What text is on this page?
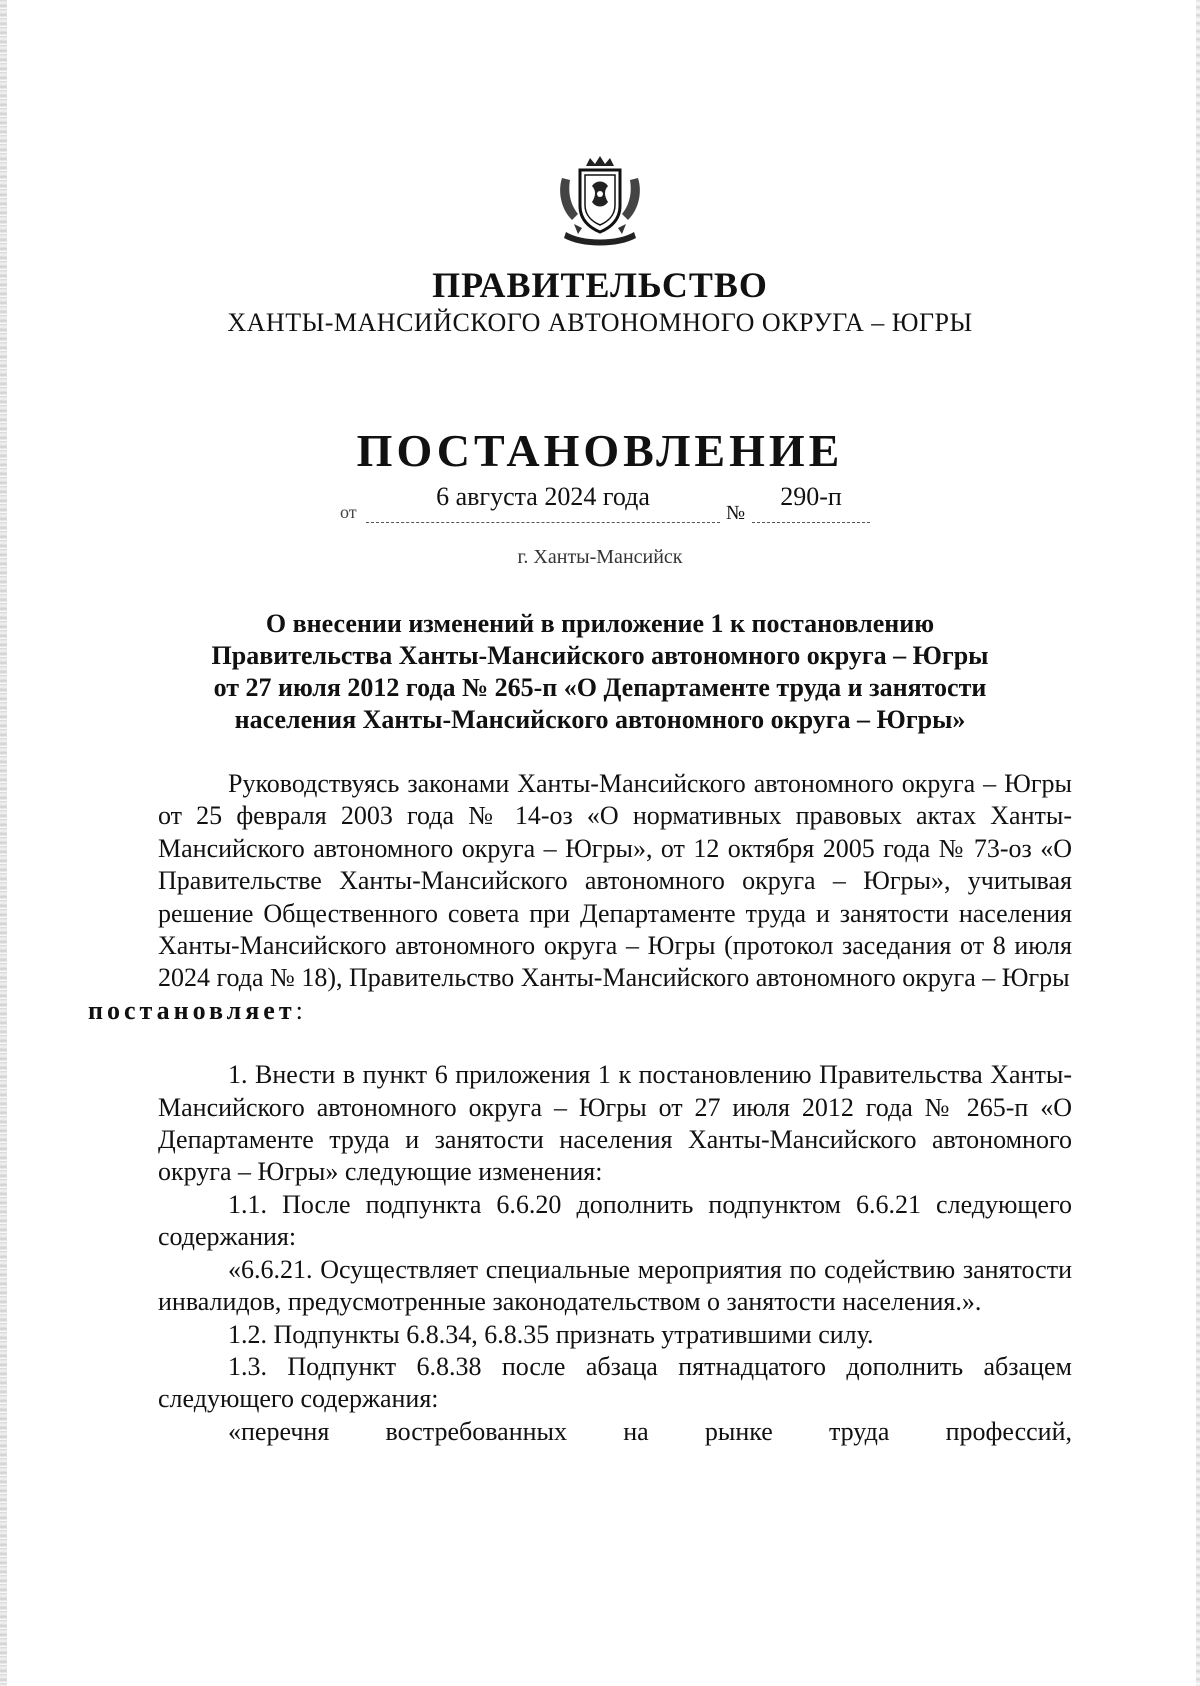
ПРАВИТЕЛЬСТВО
ХАНТЫ-МАНСИЙСКОГО АВТОНОМНОГО ОКРУГА – ЮГРЫ
ПОСТАНОВЛЕНИЕ
от
6 августа 2024 года
№
290-п
г. Ханты-Мансийск
О внесении изменений в приложение 1 к постановлению
Правительства Ханты-Мансийского автономного округа – Югры
от 27 июля 2012 года № 265-п «О Департаменте труда и занятости
населения Ханты-Мансийского автономного округа – Югры»

Руководствуясь законами Ханты-Мансийского автономного округа – Югры от 25 февраля 2003 года № 14-оз «О нормативных правовых актах Ханты-Мансийского автономного округа – Югры», от 12 октября 2005 года № 73-оз «О Правительстве Ханты-Мансийского автономного округа – Югры», учитывая решение Общественного совета при Департаменте труда и занятости населения Ханты-Мансийского автономного округа – Югры (протокол заседания от 8 июля 2024 года № 18), Правительство Ханты-Мансийского автономного округа – Югры
постановляет:

1. Внести в пункт 6 приложения 1 к постановлению Правительства Ханты-Мансийского автономного округа – Югры от 27 июля 2012 года № 265-п «О Департаменте труда и занятости населения Ханты-Мансийского автономного округа – Югры» следующие изменения:

1.1. После подпункта 6.6.20 дополнить подпунктом 6.6.21 следующего содержания:

«6.6.21. Осуществляет специальные мероприятия по содействию занятости инвалидов, предусмотренные законодательством о занятости населения.».

1.2. Подпункты 6.8.34, 6.8.35 признать утратившими силу.

1.3. Подпункт 6.8.38 после абзаца пятнадцатого дополнить абзацем следующего содержания:

«перечня востребованных на рынке труда профессий,
